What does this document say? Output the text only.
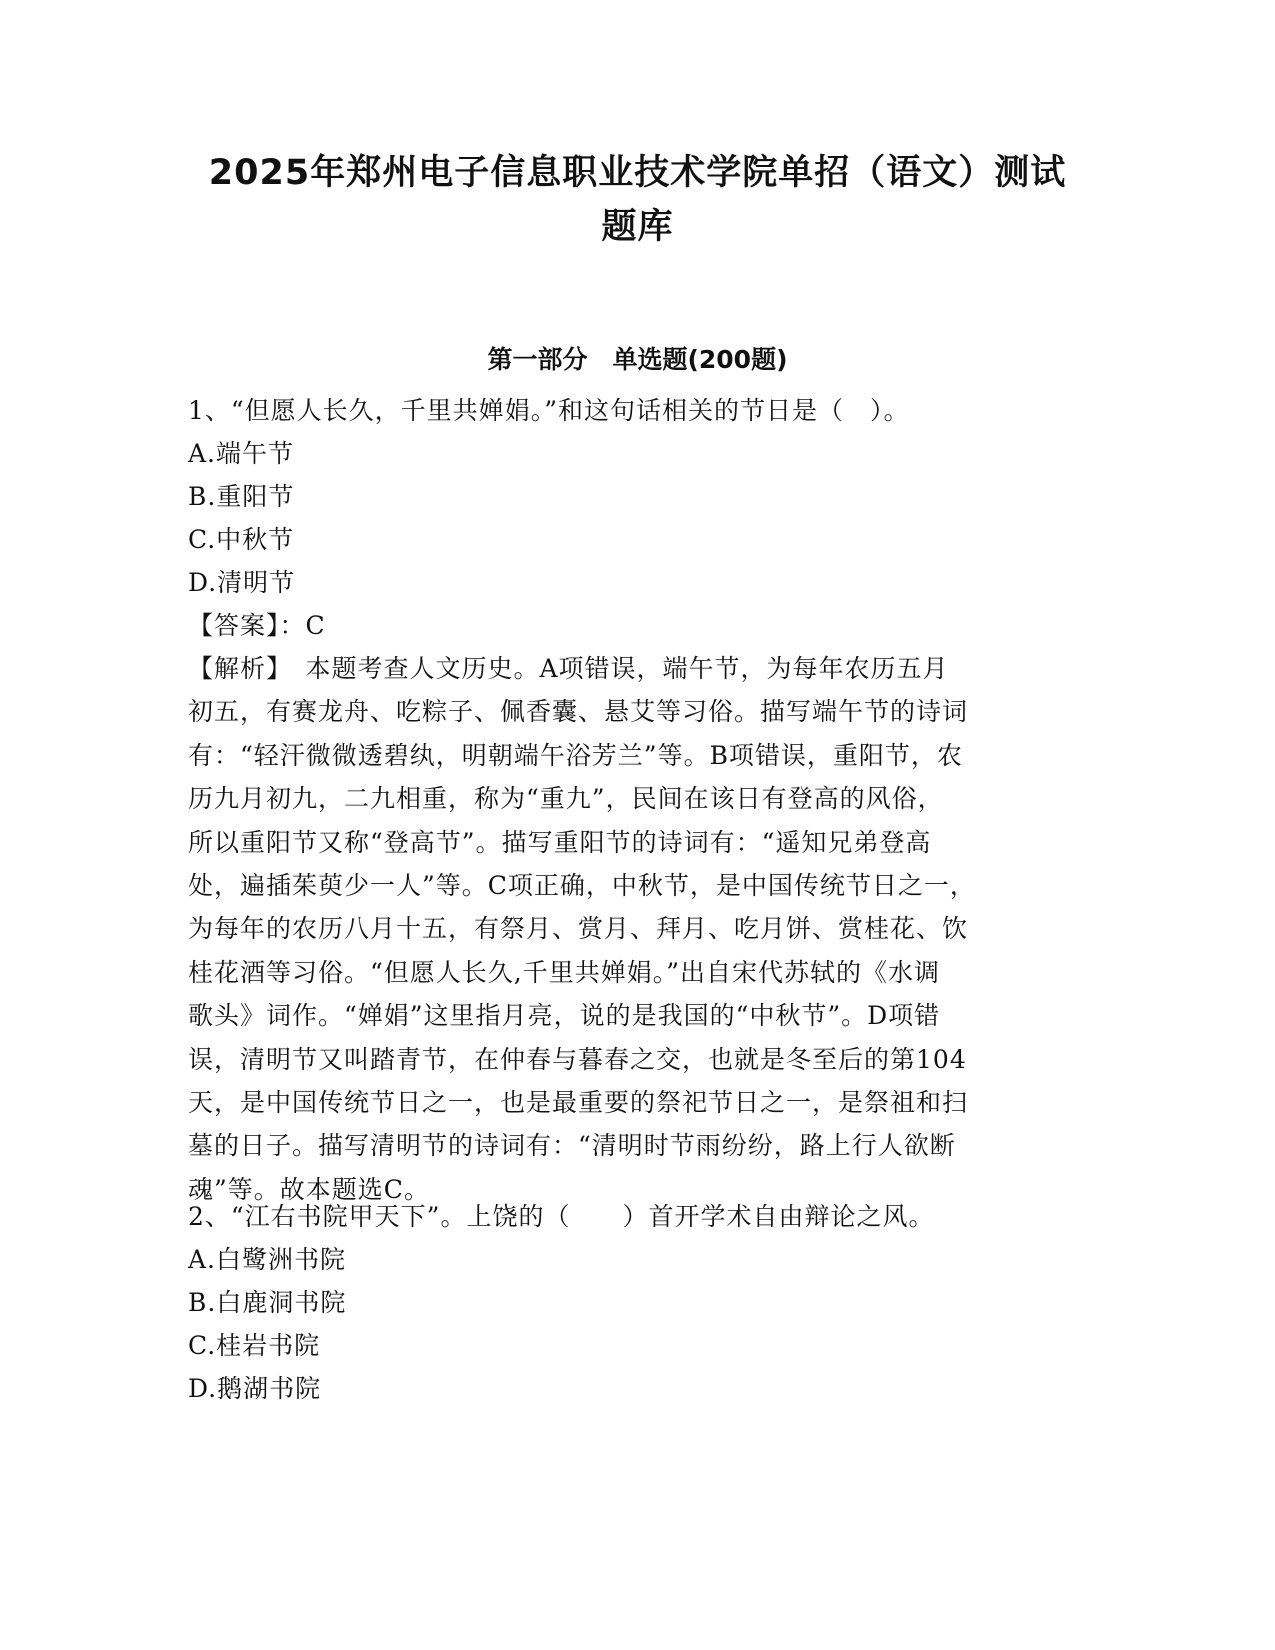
2025年郑州电子信息职业技术学院单招（语文）测试
题库
第一部分　单选题(200题)
1、“但愿人长久，千里共婵娟。”和这句话相关的节日是（　）。
A.端午节
B.重阳节
C.中秋节
D.清明节
【答案】：C
【解析】　本题考查人文历史。A项错误，端午节，为每年农历五月
初五，有赛龙舟、吃粽子、佩香囊、悬艾等习俗。描写端午节的诗词
有：“轻汗微微透碧纨，明朝端午浴芳兰”等。B项错误，重阳节，农
历九月初九，二九相重，称为“重九”，民间在该日有登高的风俗，
所以重阳节又称“登高节”。描写重阳节的诗词有：“遥知兄弟登高
处，遍插茱萸少一人”等。C项正确，中秋节，是中国传统节日之一，
为每年的农历八月十五，有祭月、赏月、拜月、吃月饼、赏桂花、饮
桂花酒等习俗。“但愿人长久,千里共婵娟。”出自宋代苏轼的《水调
歌头》词作。“婵娟”这里指月亮，说的是我国的“中秋节”。D项错
误，清明节又叫踏青节，在仲春与暮春之交，也就是冬至后的第104
天，是中国传统节日之一，也是最重要的祭祀节日之一，是祭祖和扫
墓的日子。描写清明节的诗词有：“清明时节雨纷纷，路上行人欲断
魂”等。故本题选C。
2、“江右书院甲天下”。上饶的（　　）首开学术自由辩论之风。
A.白鹭洲书院
B.白鹿洞书院
C.桂岩书院
D.鹅湖书院
